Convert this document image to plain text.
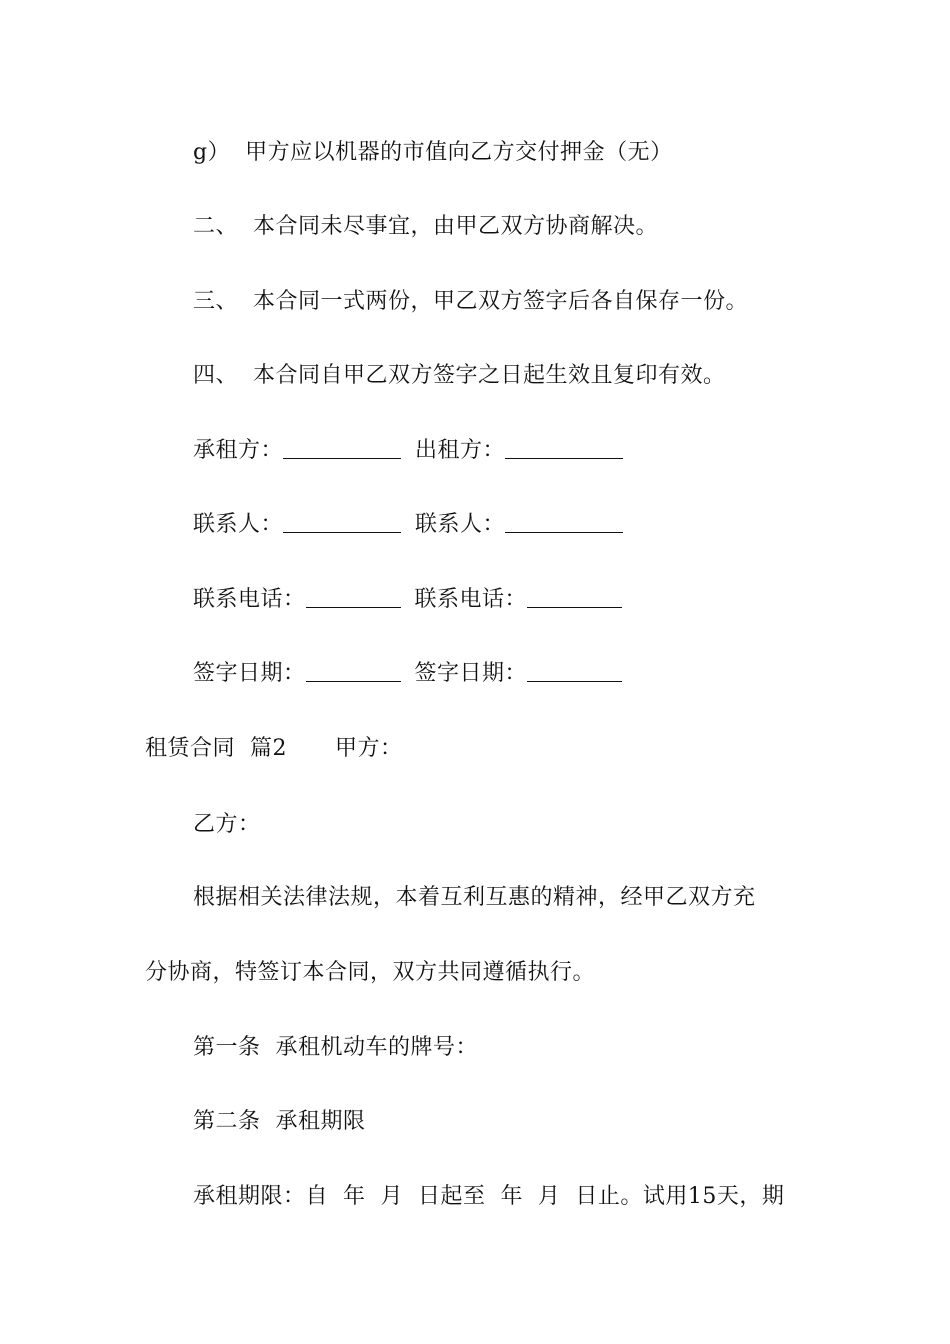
g）  甲方应以机器的市值向乙方交付押金（无）
二、  本合同未尽事宜，由甲乙双方协商解决。
三、  本合同一式两份，甲乙双方签字后各自保存一份。
四、  本合同自甲乙双方签字之日起生效且复印有效。
承租方：	出租方：
联系人：	联系人：
联系电话：	联系电话：
签字日期：	签字日期：
租赁合同  篇2 甲方：
乙方：
根据相关法律法规，本着互利互惠的精神，经甲乙双方充
分协商，特签订本合同，双方共同遵循执行。
第一条  承租机动车的牌号：
第二条  承租期限
承租期限：自  年  月  日起至  年  月  日止。试用15天，期
